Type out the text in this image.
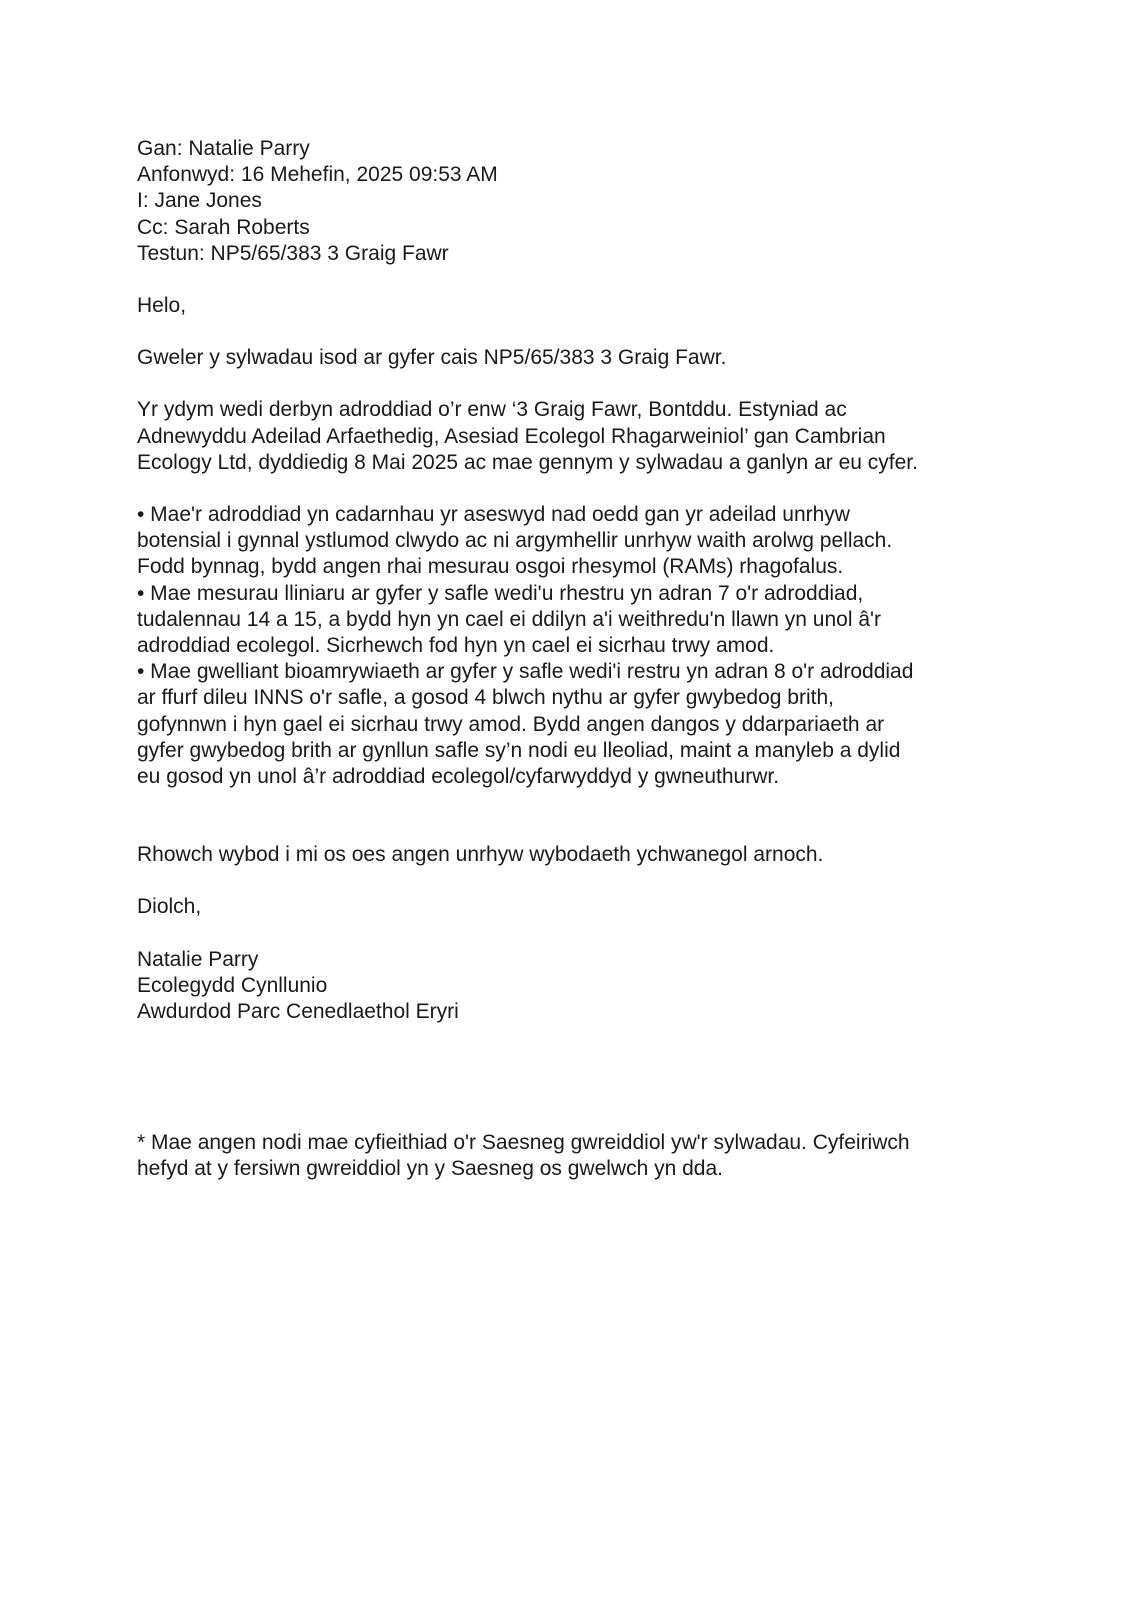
Gan: Natalie Parry
Anfonwyd: 16 Mehefin, 2025 09:53 AM
I: Jane Jones
Cc: Sarah Roberts
Testun: NP5/65/383 3 Graig Fawr
Helo,
Gweler y sylwadau isod ar gyfer cais NP5/65/383 3 Graig Fawr.
Yr ydym wedi derbyn adroddiad o’r enw ‘3 Graig Fawr, Bontddu. Estyniad ac
Adnewyddu Adeilad Arfaethedig, Asesiad Ecolegol Rhagarweiniol’ gan Cambrian
Ecology Ltd, dyddiedig 8 Mai 2025 ac mae gennym y sylwadau a ganlyn ar eu cyfer.
• Mae'r adroddiad yn cadarnhau yr aseswyd nad oedd gan yr adeilad unrhyw
botensial i gynnal ystlumod clwydo ac ni argymhellir unrhyw waith arolwg pellach.
Fodd bynnag, bydd angen rhai mesurau osgoi rhesymol (RAMs) rhagofalus.
• Mae mesurau lliniaru ar gyfer y safle wedi'u rhestru yn adran 7 o'r adroddiad,
tudalennau 14 a 15, a bydd hyn yn cael ei ddilyn a'i weithredu'n llawn yn unol â'r
adroddiad ecolegol. Sicrhewch fod hyn yn cael ei sicrhau trwy amod.
• Mae gwelliant bioamrywiaeth ar gyfer y safle wedi'i restru yn adran 8 o'r adroddiad
ar ffurf dileu INNS o'r safle, a gosod 4 blwch nythu ar gyfer gwybedog brith,
gofynnwn i hyn gael ei sicrhau trwy amod. Bydd angen dangos y ddarpariaeth ar
gyfer gwybedog brith ar gynllun safle sy’n nodi eu lleoliad, maint a manyleb a dylid
eu gosod yn unol â’r adroddiad ecolegol/cyfarwyddyd y gwneuthurwr.
Rhowch wybod i mi os oes angen unrhyw wybodaeth ychwanegol arnoch.
Diolch,
Natalie Parry
Ecolegydd Cynllunio
Awdurdod Parc Cenedlaethol Eryri
* Mae angen nodi mae cyfieithiad o'r Saesneg gwreiddiol yw'r sylwadau. Cyfeiriwch
hefyd at y fersiwn gwreiddiol yn y Saesneg os gwelwch yn dda.
